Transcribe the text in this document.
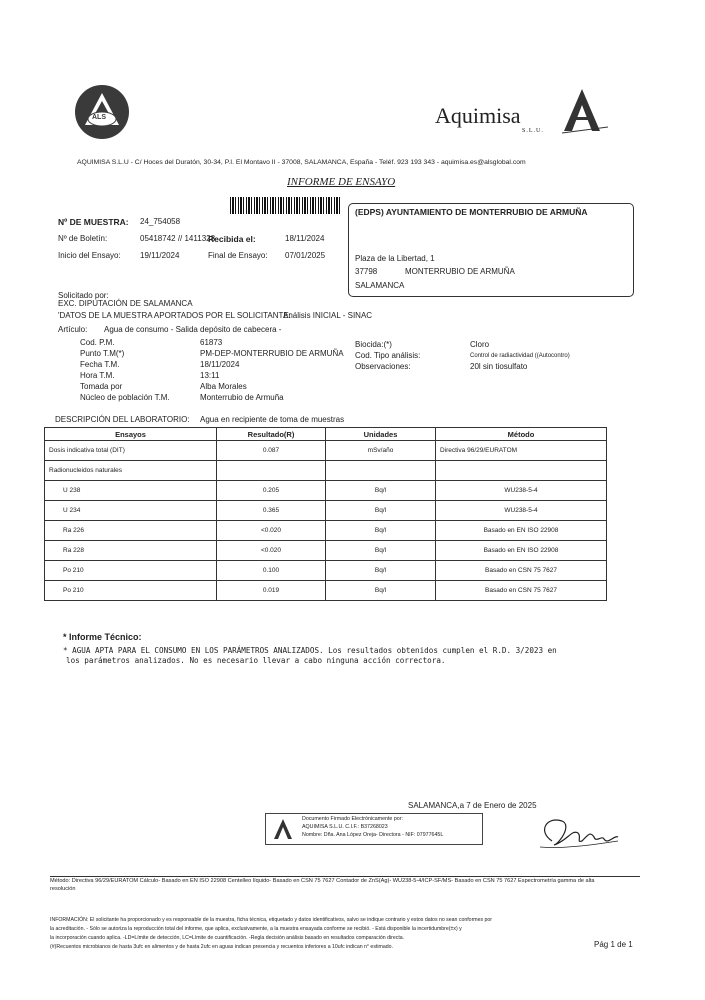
ALS	Aquimisa
S.L.U.
AQUIMISA S.L.U - C/ Hoces del Duratón, 30-34, P.I. El Montavo II - 37008, SALAMANCA, España - Teléf. 923 193 343 - aquimisa.es@alsglobal.com
INFORME DE ENSAYO
Nº DE MUESTRA: 24_754058
Nº de Boletín:	05418742 // 1411328
Recibida el:	18/11/2024
Inicio del Ensayo: 19/11/2024	Final de Ensayo: 07/01/2025
(EDPS) AYUNTAMIENTO DE MONTERRUBIO DE ARMUÑA
Plaza de la Libertad, 1
37798	MONTERRUBIO DE ARMUÑA
SALAMANCA
Solicitado por:
EXC. DIPUTACIÓN DE SALAMANCA
'DATOS DE LA MUESTRA APORTADOS POR EL SOLICITANTE:
Análisis INICIAL - SINAC
Artículo: Agua de consumo - Salida depósito de cabecera -
Cod. P.M.	61873
Punto T.M(*)	PM-DEP-MONTERRUBIO DE ARMUÑA
Fecha T.M.	18/11/2024
Hora T.M.	13:11
Tomada por	Alba Morales
Núcleo de población T.M.	Monterrubio de Armuña
Biocida:(*)	Cloro
Cod. Tipo análisis:	Control de radiactividad ((Autocontro)
Observaciones:	20l sin tiosulfato
DESCRIPCIÓN DEL LABORATORIO: Agua en recipiente de toma de muestras
Ensayos	Resultado(R)	Unidades	Método
Dosis indicativa total (DIT)	0.087	mSv/año	Directiva 96/29/EURATOM
Radionucleidos naturales			
U 238	0.205	Bq/l	WU238-5-4
U 234	0.365	Bq/l	WU238-5-4
Ra 226	<0.020	Bq/l	Basado en EN ISO 22908
Ra 228	<0.020	Bq/l	Basado en EN ISO 22908
Po 210	0.100	Bq/l	Basado en CSN 75 7627
Po 210	0.019	Bq/l	Basado en CSN 75 7627
* Informe Técnico:
* AGUA APTA PARA EL CONSUMO EN LOS PARÁMETROS ANALIZADOS. Los resultados obtenidos cumplen el R.D. 3/2023 en
los parámetros analizados. No es necesario llevar a cabo ninguna acción correctora.
SALAMANCA,a 7 de Enero de 2025
Documento Firmado Electrónicamente por:
AQUIMISA S.L.U. C.I.F.: B37268023
Nombre: Dña. Ana López Oreja- Directora - NIF: 07977645L
Método: Directiva 96/29/EURATOM Cálculo- Basado en EN ISO 22908 Centelleo líquido- Basado en CSN 75 7627 Contador de ZnS(Ag)- WU238-5-4/ICP-SF/MS- Basado en CSN 75 7627 Espectrometría gamma de alta
resolución
INFORMACIÓN: El solicitante ha proporcionado y es responsable de la muestra, ficha técnica, etiquetado y datos identificativos, salvo se indique contrario y estos datos no sean conformes por
la acreditación. - Sólo se autoriza la reproducción total del informe, que aplica, exclusivamente, a la muestra ensayada conforme se recibió. - Está disponible la incertidumbre(±x) y
la incorporación cuando aplica. -LD=Límite de detección, LC=Límite de cuantificación. -Regla decisión análisis basado en resultados comparación directa.
(#)Recuentos microbianos de hasta 3ufc en alimentos y de hasta 2ufc en aguas indican presencia y recuentos inferiores a 10ufc indican n° estimado.	Pág 1 de 1
